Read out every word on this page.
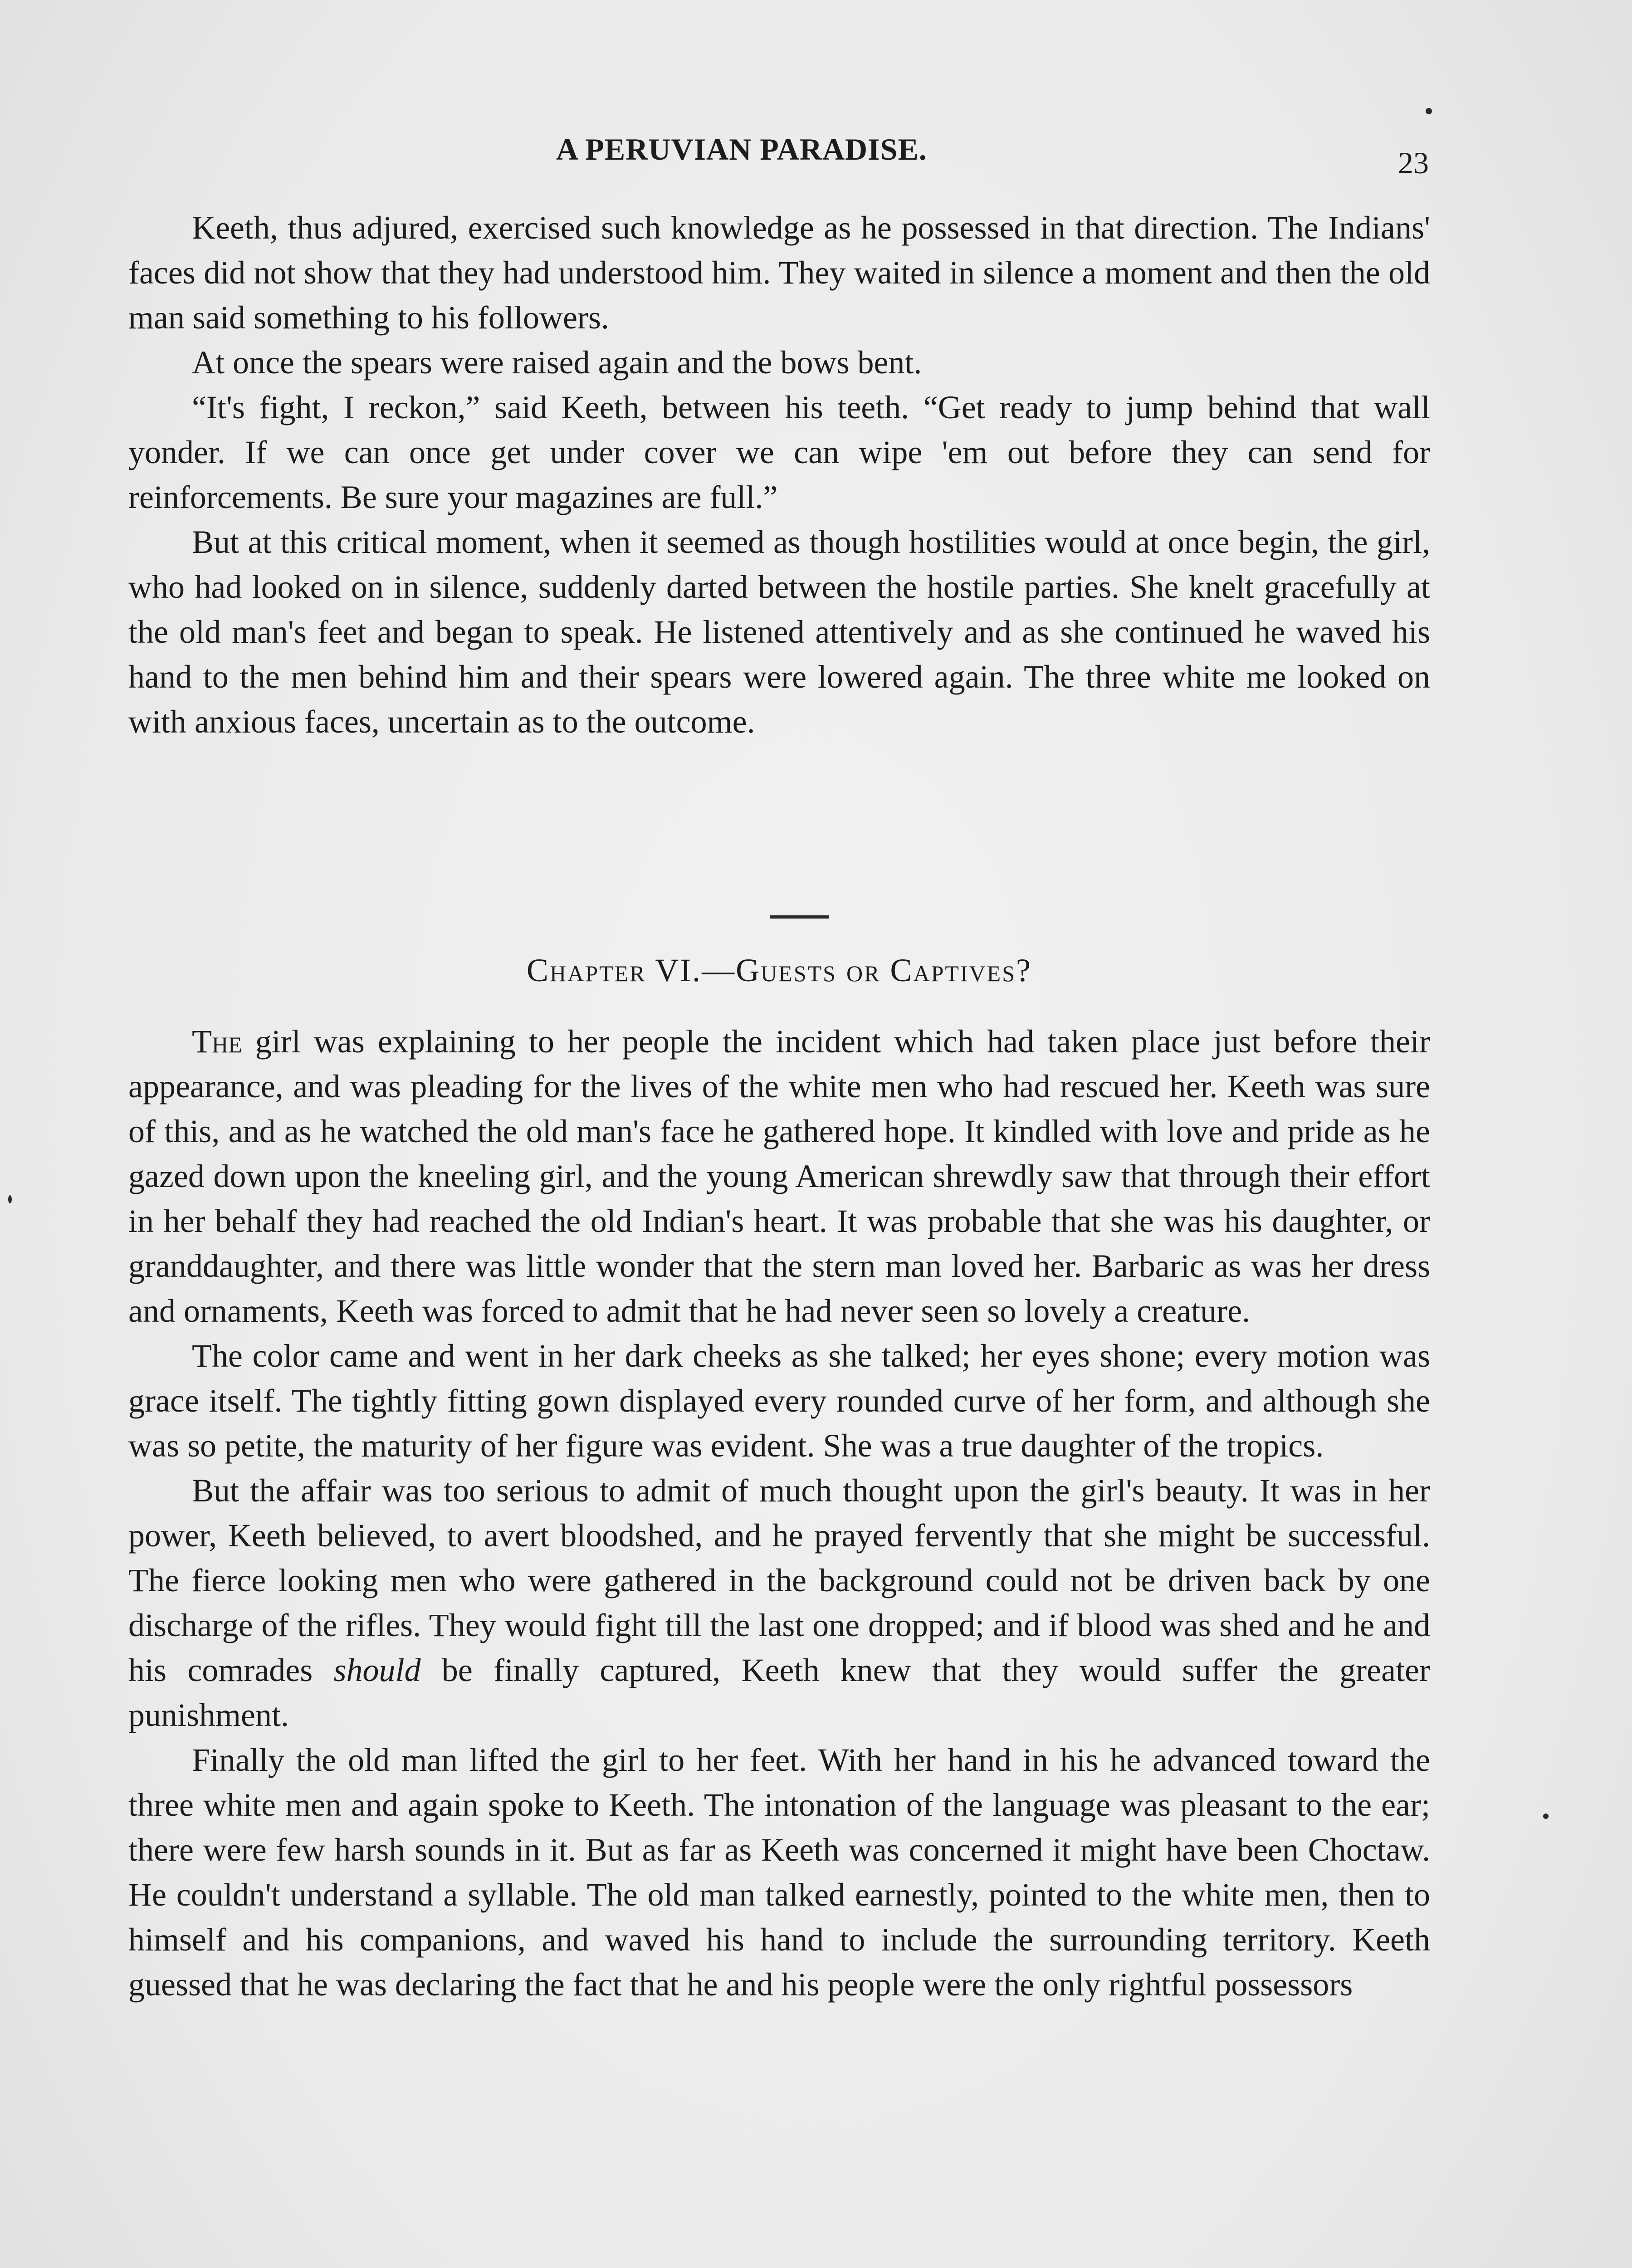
A PERUVIAN PARADISE.	23

Keeth, thus adjured, exercised such knowledge as he possessed in that direction. The Indians' faces did not show that they had understood him. They waited in silence a moment and then the old man said something to his followers.

At once the spears were raised again and the bows bent.

“It's fight, I reckon,” said Keeth, between his teeth. “Get ready to jump behind that wall yonder. If we can once get under cover we can wipe 'em out before they can send for reinforcements. Be sure your magazines are full.”

But at this critical moment, when it seemed as though hostilities would at once begin, the girl, who had looked on in silence, suddenly darted between the hostile parties. She knelt gracefully at the old man's feet and began to speak. He listened attentively and as she continued he waved his hand to the men behind him and their spears were lowered again. The three white me looked on with anxious faces, uncertain as to the outcome.

Chapter VI.—Guests or Captives?

The girl was explaining to her people the incident which had taken place just before their appearance, and was pleading for the lives of the white men who had rescued her. Keeth was sure of this, and as he watched the old man's face he gathered hope. It kindled with love and pride as he gazed down upon the kneeling girl, and the young American shrewdly saw that through their effort in her behalf they had reached the old Indian's heart. It was probable that she was his daughter, or granddaughter, and there was little wonder that the stern man loved her. Barbaric as was her dress and ornaments, Keeth was forced to admit that he had never seen so lovely a creature.

The color came and went in her dark cheeks as she talked; her eyes shone; every motion was grace itself. The tightly fitting gown displayed every rounded curve of her form, and although she was so petite, the maturity of her figure was evident. She was a true daughter of the tropics.

But the affair was too serious to admit of much thought upon the girl's beauty. It was in her power, Keeth believed, to avert bloodshed, and he prayed fervently that she might be successful. The fierce looking men who were gathered in the background could not be driven back by one discharge of the rifles. They would fight till the last one dropped; and if blood was shed and he and his comrades should be finally captured, Keeth knew that they would suffer the greater punishment.

Finally the old man lifted the girl to her feet. With her hand in his he advanced toward the three white men and again spoke to Keeth. The intonation of the language was pleasant to the ear; there were few harsh sounds in it. But as far as Keeth was concerned it might have been Choctaw. He couldn't understand a syllable. The old man talked earnestly, pointed to the white men, then to himself and his companions, and waved his hand to include the surrounding territory. Keeth guessed that he was declaring the fact that he and his people were the only rightful possessors
